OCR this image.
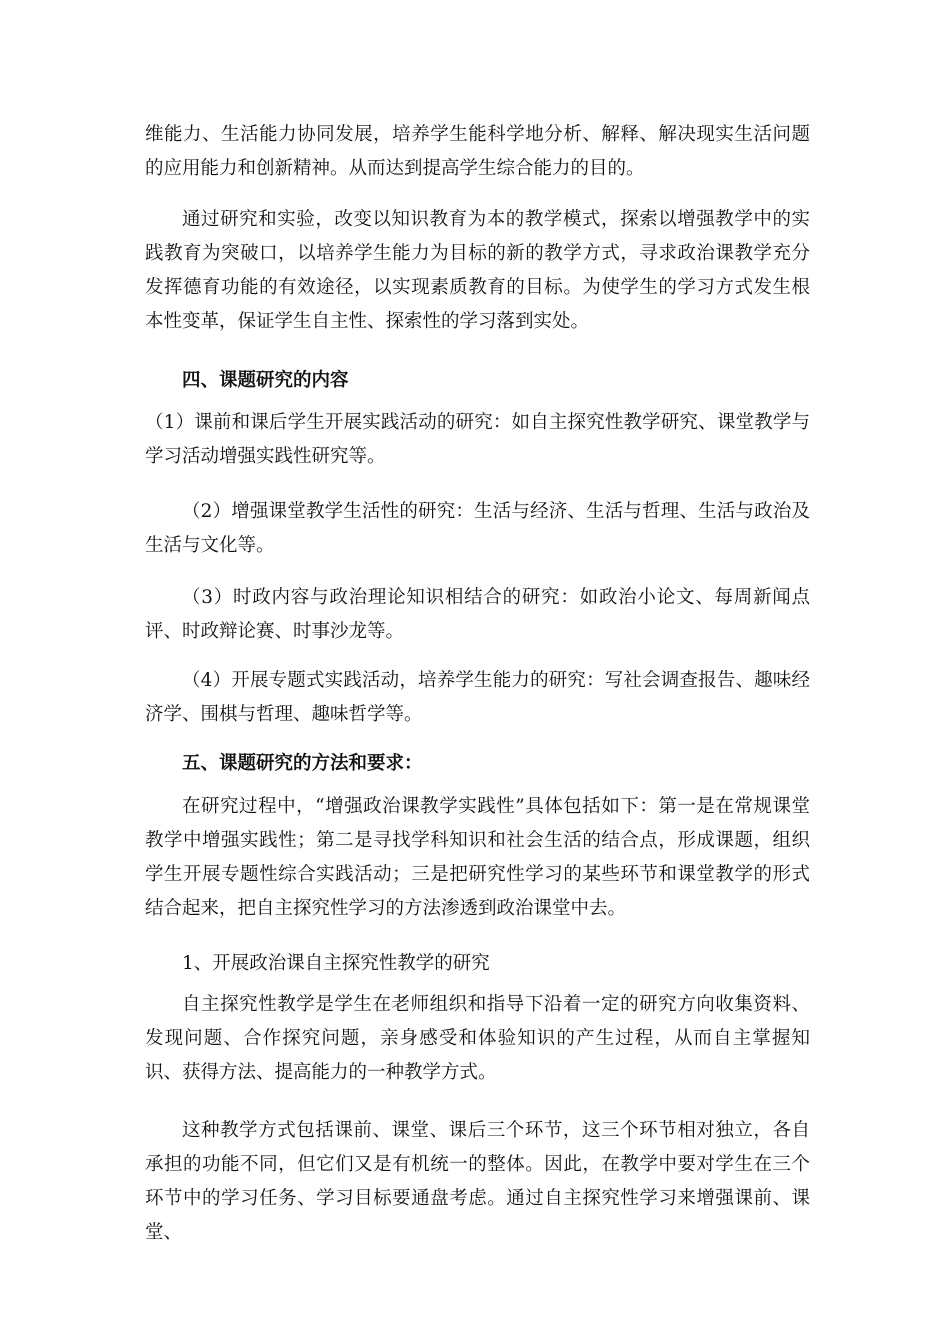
维能力、生活能力协同发展，培养学生能科学地分析、解释、解决现实生活问题的应用能力和创新精神。从而达到提高学生综合能力的目的。

通过研究和实验，改变以知识教育为本的教学模式，探索以增强教学中的实践教育为突破口，以培养学生能力为目标的新的教学方式，寻求政治课教学充分发挥德育功能的有效途径，以实现素质教育的目标。为使学生的学习方式发生根本性变革，保证学生自主性、探索性的学习落到实处。

四、课题研究的内容

（1）课前和课后学生开展实践活动的研究：如自主探究性教学研究、课堂教学与学习活动增强实践性研究等。

（2）增强课堂教学生活性的研究：生活与经济、生活与哲理、生活与政治及生活与文化等。

（3）时政内容与政治理论知识相结合的研究：如政治小论文、每周新闻点评、时政辩论赛、时事沙龙等。

（4）开展专题式实践活动，培养学生能力的研究：写社会调查报告、趣味经济学、围棋与哲理、趣味哲学等。

五、课题研究的方法和要求：

在研究过程中，“增强政治课教学实践性”具体包括如下：第一是在常规课堂教学中增强实践性；第二是寻找学科知识和社会生活的结合点，形成课题，组织学生开展专题性综合实践活动；三是把研究性学习的某些环节和课堂教学的形式结合起来，把自主探究性学习的方法渗透到政治课堂中去。

1、开展政治课自主探究性教学的研究

自主探究性教学是学生在老师组织和指导下沿着一定的研究方向收集资料、发现问题、合作探究问题，亲身感受和体验知识的产生过程，从而自主掌握知识、获得方法、提高能力的一种教学方式。

这种教学方式包括课前、课堂、课后三个环节，这三个环节相对独立，各自承担的功能不同，但它们又是有机统一的整体。因此，在教学中要对学生在三个环节中的学习任务、学习目标要通盘考虑。通过自主探究性学习来增强课前、课堂、
